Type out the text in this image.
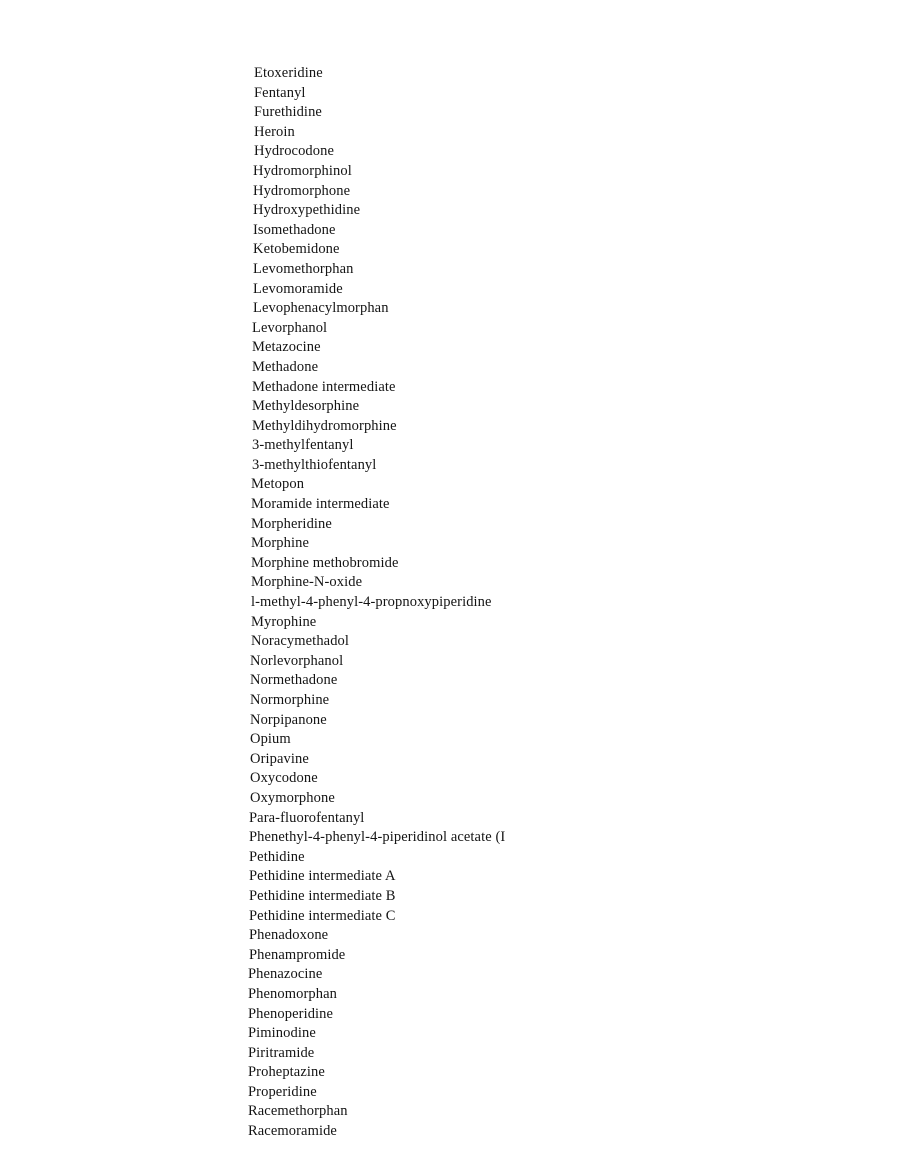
Etoxeridine
Fentanyl
Furethidine
Heroin
Hydrocodone
Hydromorphinol
Hydromorphone
Hydroxypethidine
Isomethadone
Ketobemidone
Levomethorphan
Levomoramide
Levophenacylmorphan
Levorphanol
Metazocine
Methadone
Methadone intermediate
Methyldesorphine
Methyldihydromorphine
3-methylfentanyl
3-methylthiofentanyl
Metopon
Moramide intermediate
Morpheridine
Morphine
Morphine methobromide
Morphine-N-oxide
l-methyl-4-phenyl-4-propnoxypiperidine
Myrophine
Noracymethadol
Norlevorphanol
Normethadone
Normorphine
Norpipanone
Opium
Oripavine
Oxycodone
Oxymorphone
Para-fluorofentanyl
Phenethyl-4-phenyl-4-piperidinol acetate (I
Pethidine
Pethidine intermediate A
Pethidine intermediate B
Pethidine intermediate C
Phenadoxone
Phenampromide
Phenazocine
Phenomorphan
Phenoperidine
Piminodine
Piritramide
Proheptazine
Properidine
Racemethorphan
Racemoramide
